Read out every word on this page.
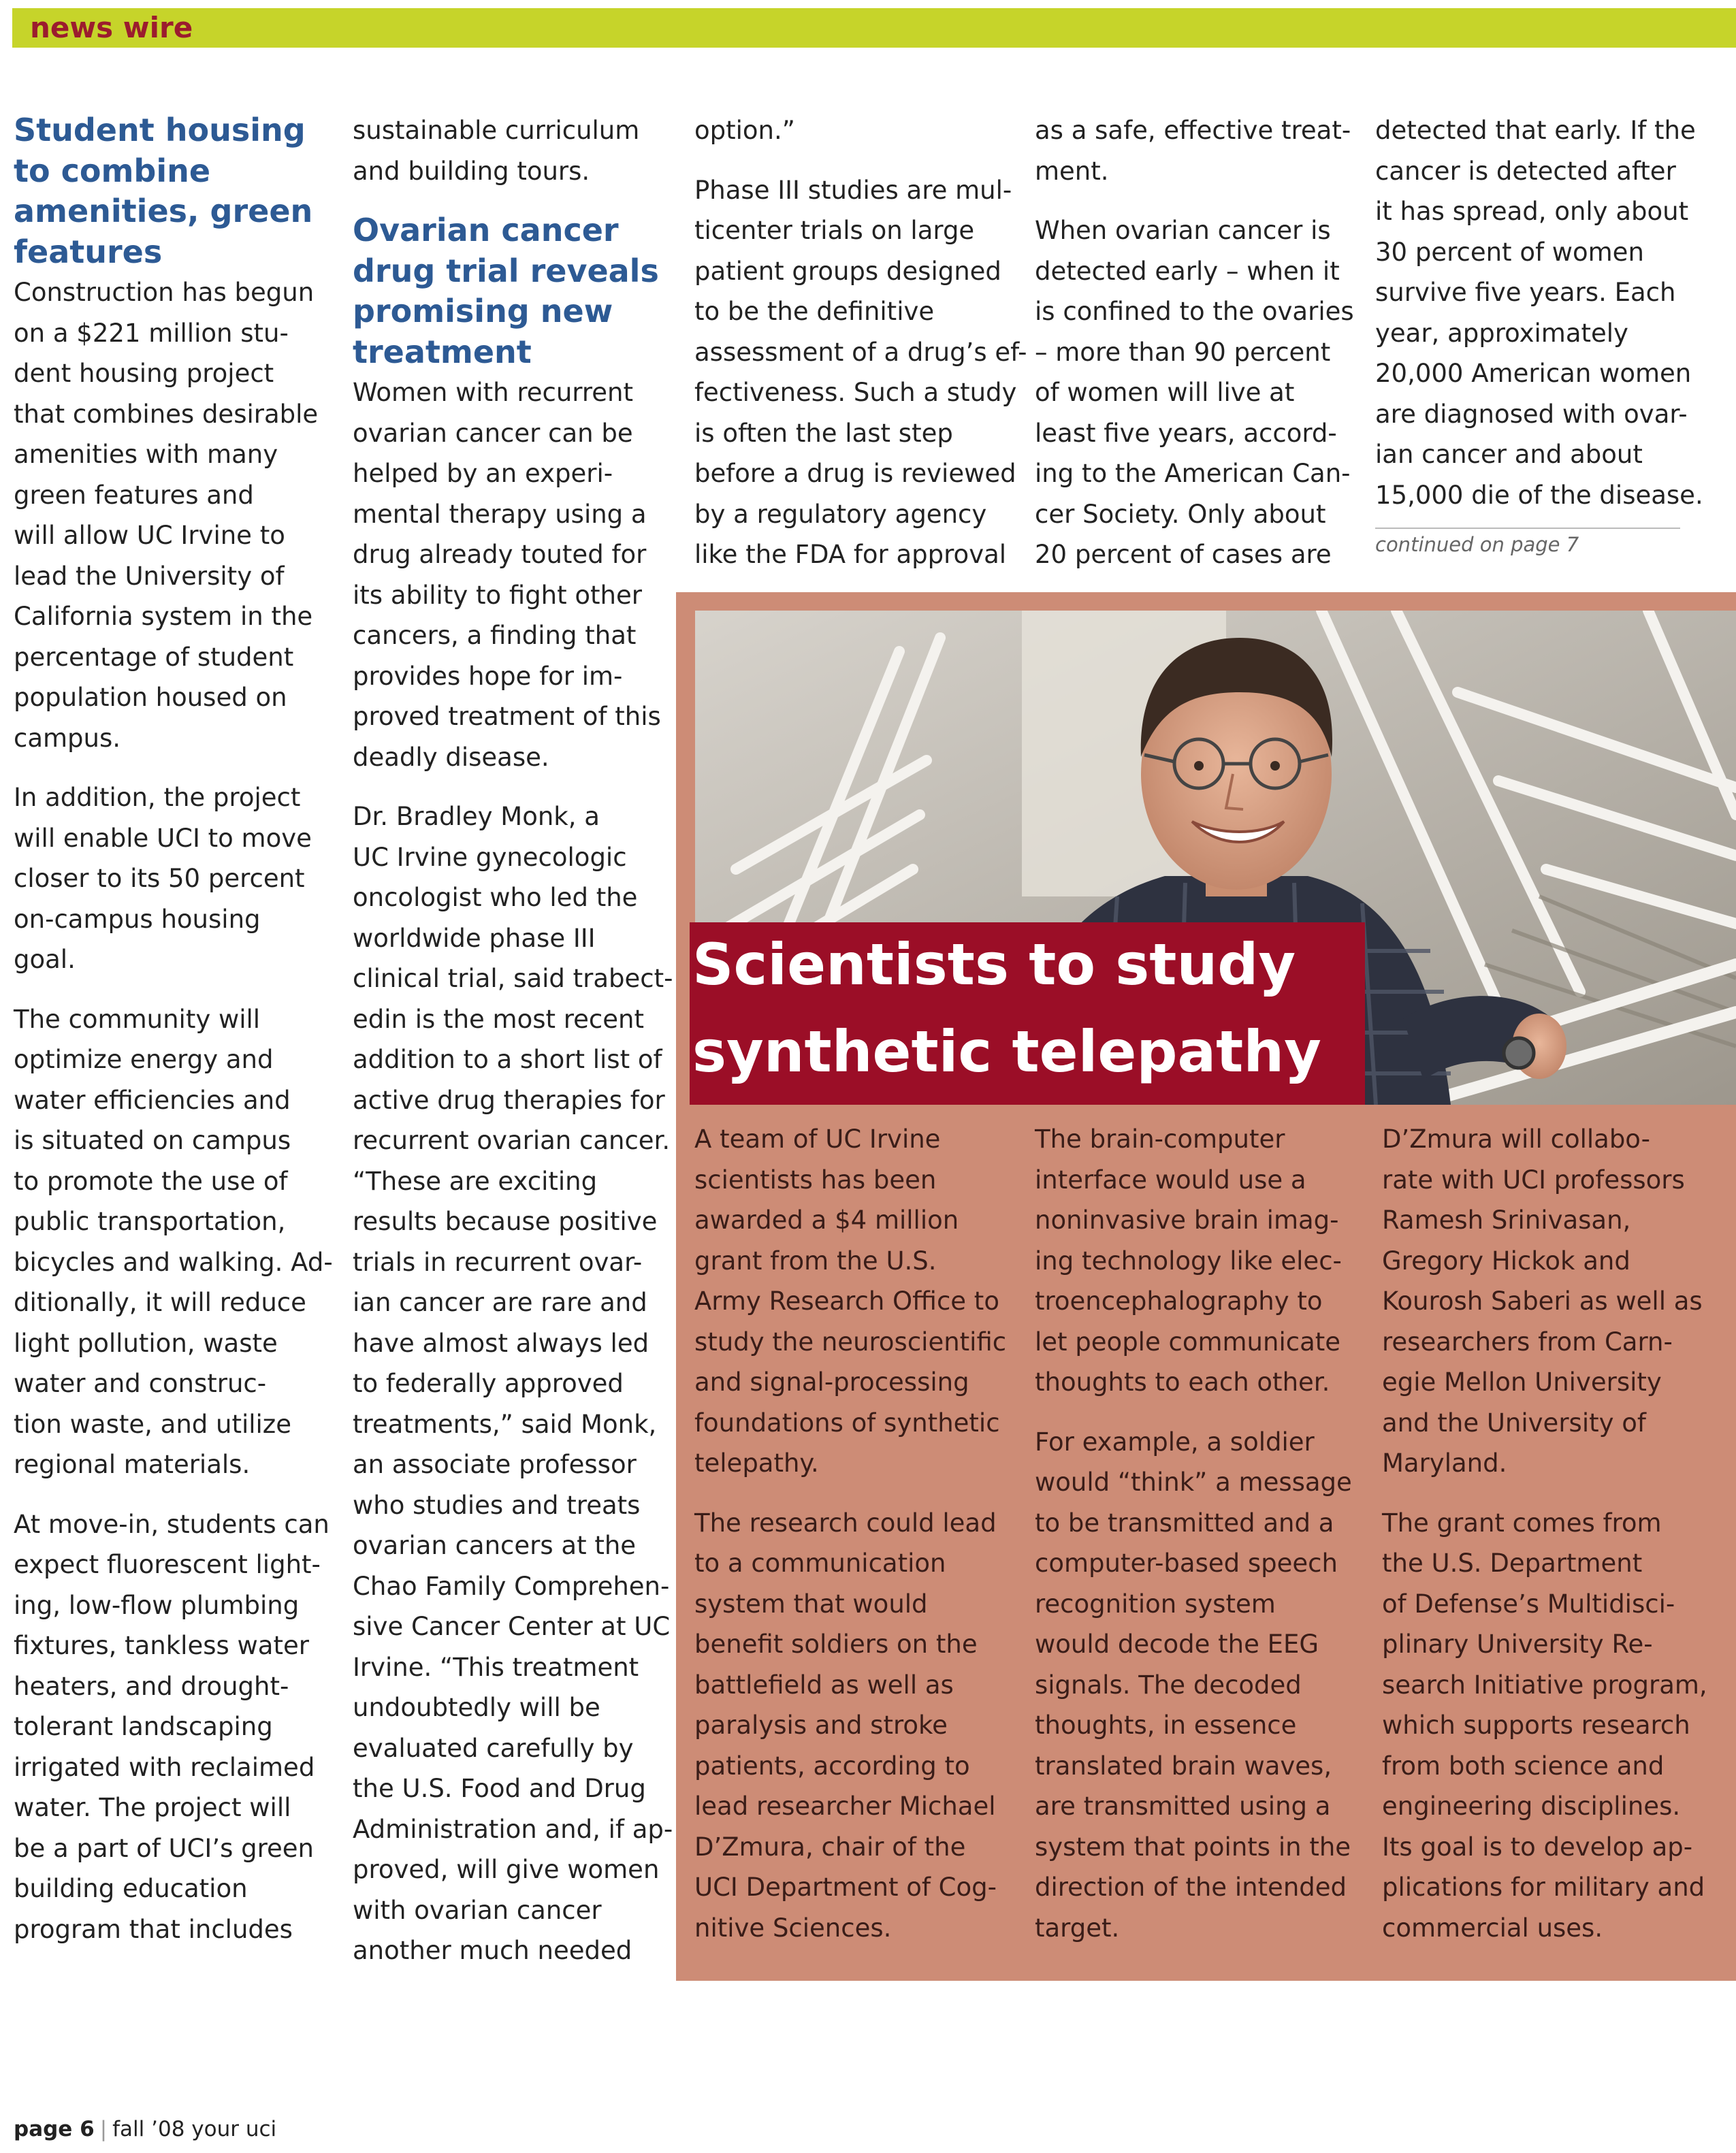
news wire
Student housing
to combine
amenities, green
features

Construction has begun
on a $221 million stu-
dent housing project
that combines desirable
amenities with many
green features and
will allow UC Irvine to
lead the University of
California system in the
percentage of student
population housed on
campus.

In addition, the project
will enable UCI to move
closer to its 50 percent
on-campus housing
goal.

The community will
optimize energy and
water efficiencies and
is situated on campus
to promote the use of
public transportation,
bicycles and walking. Ad-
ditionally, it will reduce
light pollution, waste
water and construc-
tion waste, and utilize
regional materials.

At move-in, students can
expect fluorescent light-
ing, low-flow plumbing
fixtures, tankless water
heaters, and drought-
tolerant landscaping
irrigated with reclaimed
water. The project will
be a part of UCI’s green
building education
program that includes

sustainable curriculum
and building tours.

Ovarian cancer
drug trial reveals
promising new
treatment

Women with recurrent
ovarian cancer can be
helped by an experi-
mental therapy using a
drug already touted for
its ability to fight other
cancers, a finding that
provides hope for im-
proved treatment of this
deadly disease.

Dr. Bradley Monk, a
UC Irvine gynecologic
oncologist who led the
worldwide phase III
clinical trial, said trabect-
edin is the most recent
addition to a short list of
active drug therapies for
recurrent ovarian cancer.
“These are exciting
results because positive
trials in recurrent ovar-
ian cancer are rare and
have almost always led
to federally approved
treatments,” said Monk,
an associate professor
who studies and treats
ovarian cancers at the
Chao Family Comprehen-
sive Cancer Center at UC
Irvine. “This treatment
undoubtedly will be
evaluated carefully by
the U.S. Food and Drug
Administration and, if ap-
proved, will give women
with ovarian cancer
another much needed

option.”

Phase III studies are mul-
ticenter trials on large
patient groups designed
to be the definitive
assessment of a drug’s ef-
fectiveness. Such a study
is often the last step
before a drug is reviewed
by a regulatory agency
like the FDA for approval

as a safe, effective treat-
ment.

When ovarian cancer is
detected early – when it
is confined to the ovaries
– more than 90 percent
of women will live at
least five years, accord-
ing to the American Can-
cer Society. Only about
20 percent of cases are

detected that early. If the
cancer is detected after
it has spread, only about
30 percent of women
survive five years. Each
year, approximately
20,000 American women
are diagnosed with ovar-
ian cancer and about
15,000 die of the disease.

continued on page 7
Scientists to study
synthetic telepathy

A team of UC Irvine
scientists has been
awarded a $4 million
grant from the U.S.
Army Research Office to
study the neuroscientific
and signal-processing
foundations of synthetic
telepathy.

The research could lead
to a communication
system that would
benefit soldiers on the
battlefield as well as
paralysis and stroke
patients, according to
lead researcher Michael
D’Zmura, chair of the
UCI Department of Cog-
nitive Sciences.

The brain-computer
interface would use a
noninvasive brain imag-
ing technology like elec-
troencephalography to
let people communicate
thoughts to each other.

For example, a soldier
would “think” a message
to be transmitted and a
computer-based speech
recognition system
would decode the EEG
signals. The decoded
thoughts, in essence
translated brain waves,
are transmitted using a
system that points in the
direction of the intended
target.

D’Zmura will collabo-
rate with UCI professors
Ramesh Srinivasan,
Gregory Hickok and
Kourosh Saberi as well as
researchers from Carn-
egie Mellon University
and the University of
Maryland.

The grant comes from
the U.S. Department
of Defense’s Multidisci-
plinary University Re-
search Initiative program,
which supports research
from both science and
engineering disciplines.
Its goal is to develop ap-
plications for military and
commercial uses.

page 6 | fall ’08 your uci
